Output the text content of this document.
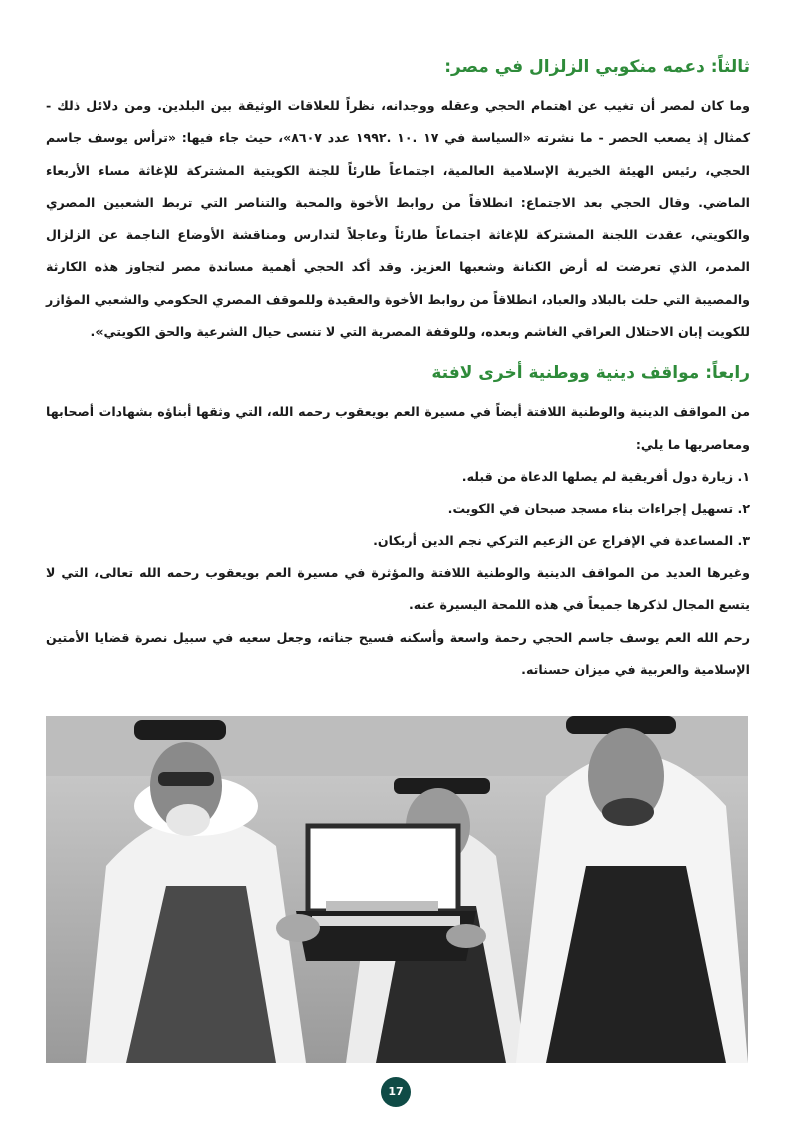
ثالثاً: دعمه منكوبي الزلزال في مصر:

وما كان لمصر أن تغيب عن اهتمام الحجي وعقله ووجدانه، نظراً للعلاقات الوثيقة بين البلدين. ومن دلائل ذلك - كمثال إذ يصعب الحصر - ما نشرته «السياسة في ١٧ .١٠ .١٩٩٢ عدد ٨٦٠٧»، حيث جاء فيها: «ترأس يوسف جاسم الحجي، رئيس الهيئة الخيرية الإسلامية العالمية، اجتماعاً طارئاً للجنة الكويتية المشتركة للإغاثة مساء الأربعاء الماضي. وقال الحجي بعد الاجتماع: انطلاقاً من روابط الأخوة والمحبة والتناصر التي تربط الشعبين المصري والكويتي، عقدت اللجنة المشتركة للإغاثة اجتماعاً طارئاً وعاجلاً لتدارس ومناقشة الأوضاع الناجمة عن الزلزال المدمر، الذي تعرضت له أرض الكنانة وشعبها العزيز. وقد أكد الحجي أهمية مساندة مصر لتجاوز هذه الكارثة والمصيبة التي حلت بالبلاد والعباد، انطلاقاً من روابط الأخوة والعقيدة وللموقف المصري الحكومي والشعبي المؤازر للكويت إبان الاحتلال العراقي الغاشم وبعده، وللوقفة المصرية التي لا تنسى حيال الشرعية والحق الكويتي».

رابعاً: مواقف دينية ووطنية أخرى لافتة

من المواقف الدينية والوطنية اللافتة أيضاً في مسيرة العم بويعقوب رحمه الله، التي وثقها أبناؤه بشهادات أصحابها ومعاصريها ما يلي:

١. زيارة دول أفريقية لم يصلها الدعاة من قبله.

٢. تسهيل إجراءات بناء مسجد صبحان في الكويت.

٣. المساعدة في الإفراج عن الزعيم التركي نجم الدين أربكان.

وغيرها العديد من المواقف الدينية والوطنية اللافتة والمؤثرة في مسيرة العم بويعقوب رحمه الله تعالى، التي لا يتسع المجال لذكرها جميعاً في هذه اللمحة اليسيرة عنه.

رحم الله العم يوسف جاسم الحجي رحمة واسعة وأسكنه فسيح جناته، وجعل سعيه في سبيل نصرة قضايا الأمتين الإسلامية والعربية في ميزان حسناته.

17
